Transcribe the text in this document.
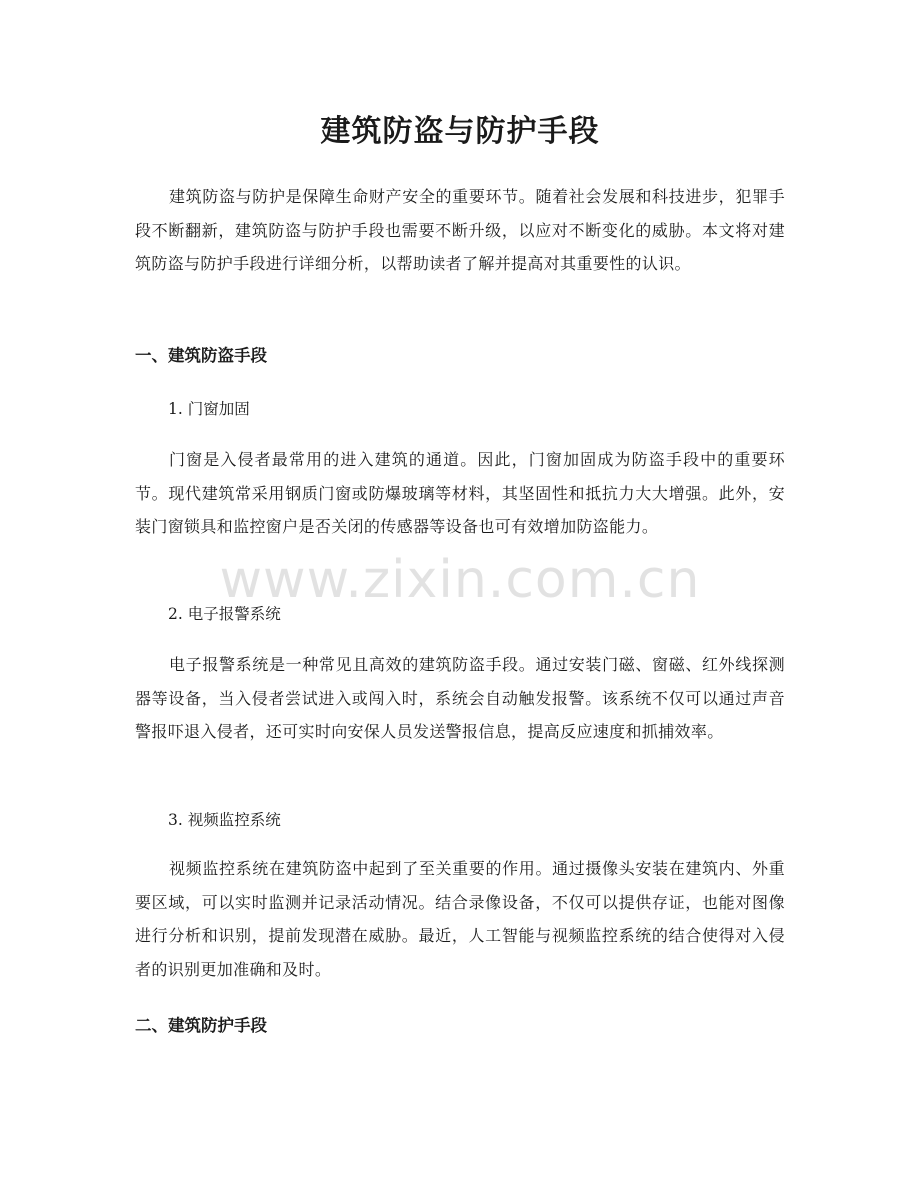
建筑防盗与防护手段

建筑防盗与防护是保障生命财产安全的重要环节。随着社会发展和科技进步，犯罪手段不断翻新，建筑防盗与防护手段也需要不断升级，以应对不断变化的威胁。本文将对建筑防盗与防护手段进行详细分析，以帮助读者了解并提高对其重要性的认识。

一、建筑防盗手段

1. 门窗加固

门窗是入侵者最常用的进入建筑的通道。因此，门窗加固成为防盗手段中的重要环节。现代建筑常采用钢质门窗或防爆玻璃等材料，其坚固性和抵抗力大大增强。此外，安装门窗锁具和监控窗户是否关闭的传感器等设备也可有效增加防盗能力。

2. 电子报警系统

电子报警系统是一种常见且高效的建筑防盗手段。通过安装门磁、窗磁、红外线探测器等设备，当入侵者尝试进入或闯入时，系统会自动触发报警。该系统不仅可以通过声音警报吓退入侵者，还可实时向安保人员发送警报信息，提高反应速度和抓捕效率。

3. 视频监控系统

视频监控系统在建筑防盗中起到了至关重要的作用。通过摄像头安装在建筑内、外重要区域，可以实时监测并记录活动情况。结合录像设备，不仅可以提供存证，也能对图像进行分析和识别，提前发现潜在威胁。最近，人工智能与视频监控系统的结合使得对入侵者的识别更加准确和及时。

二、建筑防护手段
www.zixin.com.cn
